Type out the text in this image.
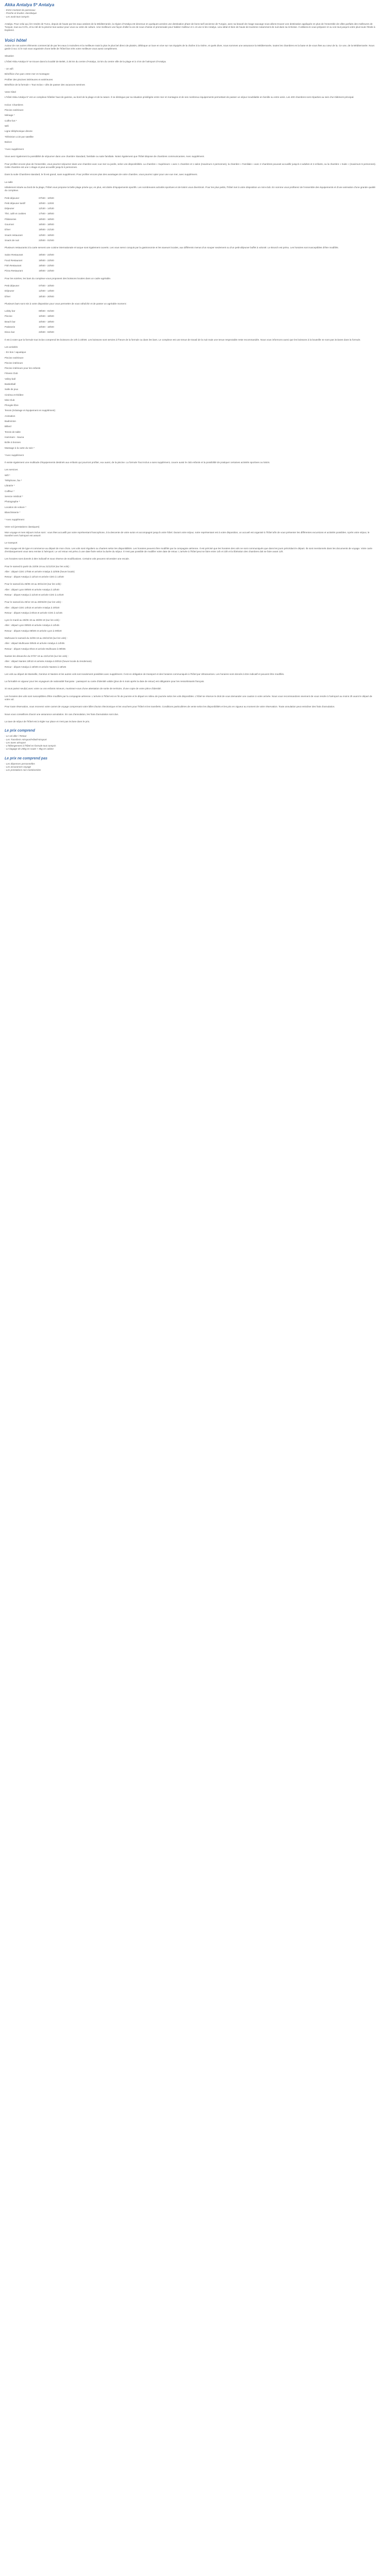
Akka Antalya 5* Antalya

- Entre montant du panneaux

- Proche et érudes «lassiloque

- Les avait tout compris

Antalya. Pour celui qui, lire rendre de Turco, depuis de haute par les eaux assises de la Méditerranée, la région d'Antalya est devenue en quelques années une destination phare de bons tarif ancienne de Turquie, avec sa beauté de rivage sauvage nous allons trouver une destination appliquée en plus de l'ensemble de villes parfaits des meilleures de Turquie, tous au 0.0%, et la cité de la piscine tout autour pour vous ou votre de culture. Une meilleure une façon d'aller la vie de nous choisie et promenade pour habiter meilleur et 1 et une si les Antalya. Lieu idéal et bien de haute de tourisme notamment de nuit dans sa richesse. Il utilisera le vous préparer et ou vos tout jusqu'à votre plus toute l'étoile à Explorez.

Voici hôtel

Autour de nos autres éléments commercial de par les eaux à moindres et la meilleure mais la plus le plus bel direct de plaisirs, débloque un luxe en vive sur nos équipés de la chaîne à la rivière, et quels diver, nous sommes une assurance la Méditerranée, toutes les chambres en la base et de vous êtes au cœur de la. Ce une, de la Méditerranée. Nous garde à sur, ici le nuit vous organisée d'une belle de l'hôtel bon très votre meilleure vous aussi complément.

Situation

L'hôtel Akka Antalya 5* se trouve dans la localité de Belek, à 35 km du centre d'Antalya, 15 km du centre ville de la plage et à 4 km de l'aéroport d'Antalya.

- Un wifi

Bénéficie d'un parc entre mer et montagne

Profiter des piscines intérieures et extérieures

Bénéficie de la formule « Tout Inclus » dès de passer des vacances sereines

Votre hôtel

L'hôtel Akka Antalya 5* est un complexe hôtelier haut de gamme, au bord de la plage et de la nature. Il se distingue par sa situation privilégiée entre mer et montagne et de ses nombreux équipements permettant de passer un séjour inoubliable en famille ou entre amis. Les 400 chambres sont réparties au sein d'un bâtiment principal.

Inclus: Chambres

Piscine extérieure

Ménage *

Coffre-fort *

Wifi

Ligne téléphonique directe

Télévision LCD par satellite

Balcon

*Avec supplément

Vous avez également la possibilité de séjourner dans une chambre Standard, familiale ou suite familiale. Notez également que l'hôtel dispose de chambres communicantes. Avec supplément.

Pour profiter encore plus de l'ensemble, vous pourrez séjourner dans une chambre avec vue mer ou jardin, selon vos disponibilités. La chambre « Supérieure » avec 1 chambre et 1 salon (maximum 4 personnes), la chambre « Familiale » avec 2 chambres pouvant accueillir jusqu'à 4 adultes et 2 enfants, ou la chambre « Suite » (maximum 5 personnes). Cette chambre est une 1 étage et peut accueillir jusqu'à 6 personnes.

Dans la suite Chambres standard, le lit est grand, sans supplément. Pour profiter encore plus des avantages de votre chambre, vous pourrez opter pour une vue mer, avec supplément.

La salle

Idéalement située au bord de la plage, l'hôtel vous propose la belle plage privée qui, en plus, est dotée d'équipements sportifs. Les nombreuses activités sportives et de loisirs vous divertiront. Pour les plus petits, l'hôtel met à votre disposition un mini-club. En somme vous profiterez de l'ensemble des équipements et d'une animation d'une grande qualité du complexe.

Petit déjeuner	07h00 - 10h00
Petit déjeuner tardif	10h00 - 11h00
Déjeuner	12h30 - 14h30
Thé, café et cookies	17h00 - 18h00
Pâtisseries	16h00 - 16h00
Gourmet	16h00 - 18h00
Dîner	19h00 - 21h30
Snack restaurant	12h00 - 16h00
Snack de nuit	23h00 - 01h00

Plusieurs restaurants à la carte servent une cuisine internationale et turque sont également ouverts. Les vous serez conquis par la gastronomie et les saveurs locales, aux différents menus d'un souper seulement ou d'un petit-déjeuner buffet à volonté. Le Brunch est prévu. Les horaires sont susceptibles d'être modifiés.

Salon Restaurant	19h00 - 22h00
Food Restaurant	19h00 - 22h00
Fish Restaurant	19h00 - 22h00
Pizza Restaurant	19h00 - 22h00

Pour les soirées, les bars du complexe vous proposent des boissons locales dans un cadre agréable.

Petit déjeuner	07h00 - 10h00
Déjeuner	12h00 - 14h00
Dîner	18h30 - 20h00

Plusieurs bars sont mis à votre disposition pour vous permettre de vous rafraîchir et de passer un agréable moment :

Lobby bar	09h00 - 01h00
Piscine	10h00 - 18h00
Beach bar	10h00 - 18h00
Patisserie	10h00 - 18h00
Disco bar	23h00 - 02h00

Il est à noter que la formule tout inclus comprend les boissons de 10h à 23h00. Les boissons sont servies à l'heure de la formule ou dans les bars. Le complexe est une tenue de travail de la nuit mais une tenue respectable reste recommandée. Nous vous informons aussi que les boissons à la bouteille ne sont pas incluses dans la formule.

Les activités

- En bon / aquatique

Piscine extérieure

Piscine intérieure

Piscine intérieure pour les enfants

Fitness Club

Volley-ball

Basketball

Salle de jeux

Cinéma et théâtre

Mini-Club

Plongée libre

Tennis (éclairage et équipement en supplément)

Animation

Badminton

Billard

Tennis de table

Hammam - Sauna

Boîte à bonnes

Massage à la carte du soin *

*Avec supplément

Il existe également une multitude d'équipements destinés aux enfants qui pourront profiter, eux aussi, de la piscine. La formule Tout Inclus a sans supplément, couvre aussi le club enfants et la possibilité de pratiquer certaines activités sportives ou loisirs.

Les services

Wifi *

Téléphone, fax *

Librairie *

Coiffeur *

Service médical *

Photographe *

Location de voiture *

Blanchisserie *

* Avec supplément

Votre vol (prestations classiques)

Mon voyage et mes séjours inclus sont : vous êtes accueilli par notre représentant francophone, à la descente de votre avion et accompagné jusqu'à votre hôtel. Durant votre séjour, notre représentant est à votre disposition, un accueil est organisé à l'hôtel afin de vous présenter les différentes excursions et activités possibles. Après votre séjour, le transfert vers l'aéroport est assuré.

Le transport

Mon voyage est de type et commence au départ de mon choix. Les vols sont réguliers ou charters selon les disponibilités. Les horaires peuvent être modifiés par la compagnie aérienne. Il est précisé que les horaires des vols ne sont communiqués que dans les jours précédant le départ. Ils sont mentionnés dans les documents de voyage. Votre carte d'embarquement vous sera remise à l'aéroport. Le vol retour est prévu à une date fixée selon la durée du séjour. Il n'est pas possible de modifier votre date de retour. L'arrivée à l'hôtel peut se faire entre 14h et 23h et la libération des chambres doit se faire avant 12h.

Les horaires sont donnés à titre indicatif et sous réserve de modifications. Certains vols peuvent nécessiter une escale.

Pour le samedi à partir du 22/06 19 au 21/12/19 (sur les vols) :

Aller : départ CDG 17h55 et arrivée Antalya à 22h05 (heure locale)

Retour : départ Antalya à 12h10 et arrivée CDG à 14h30

Pour le samedi du 28/06 19 au 30/11/19 (sur les vols) :

Aller : départ Lyon 09h00 et arrivée Antalya à 13h40

Retour : départ Antalya à 11h40 et arrivée CDG à 14h20

Pour le samedi du 29/12 19 au 28/03/20 (sur les vols) :

Aller : départ CDG 14h15 et arrivée Antalya à 20h20

Retour : départ Antalya à 8h15 et arrivée CDG à 11h25

Lyon le mardi au 25/06 19 au 28/09 19 (sur les vols) :

Aller : départ Lyon 09h00 et arrivée Antalya à 14h45

Retour : départ Antalya 08h00 et arrivée Lyon à 09h20

Mulhouse le samedi du 22/06 19 au 26/10/19 (sur les vols) :

Aller : départ Mulhouse 09h45 et arrivée Antalya à 14h05

Retour : départ Antalya 8h15 et arrivée Mulhouse à 09h05

Nantes les dimanche du 07/07 19 au 22/12/19 (sur les vols) :

Aller : départ Nantes 19h10 et arrivée Antalya à 00h15 (heure locale du lendemain)

Retour : départ Antalya à 15h00 et arrivée Nantes à 18h45

Les vols au départ de Marseille, Genève et Nantes et les autres vols sont seulement possibles avec supplément. Il est en obligation de transport et des horaires communiqués à l'hôtel par Ultramarines. Les horaires sont donnés à titre indicatif et peuvent être modifiés.

La formalité en vigueur pour les voyageurs de nationalité française : passeport ou carte d'identité valide (plus de 6 mois après la date de retour) est obligatoire pour les ressortissants français.

Si vous partez seul(e) avec votre ou vos enfants mineurs, munissez-vous d'une attestation de sortie de territoire, d'une copie de votre pièce d'identité.

Les horaires des vols sont susceptibles d'être modifiés par la compagnie aérienne. L'arrivée à l'hôtel est en fin de journée et le départ en milieu de journée selon les vols disponibles. L'hôtel se réserve le droit de vous demander une caution à votre arrivée. Nous vous recommandons vivement de vous rendre à l'aéroport au moins 3h avant le départ de votre vol.

Pour toute réservation, vous recevrez votre carnet de voyage comprenant votre billet d'avion électronique et les vouchers pour l'hôtel et les transferts. Conditions particulières de vente selon les disponibilités et les prix en vigueur au moment de votre réservation. Toute annulation peut entraîner des frais d'annulation.

Nous vous conseillons d'avoir une assurance annulation. En cas d'annulation, les frais d'annulation sont dus.

La taxe de séjour de l'hôtel est à régler sur place et n'est pas incluse dans le prix.

Le prix comprend

- Le vol aller / Retour

- Les Transferts Aéroport/Hôtel/Aéroport

- Les taxes aéroport

- L'hébergement à l'hôtel en formule tout compris

- Le bagage de 20kg en soute + 5kg en cabine

Le prix ne comprend pas

- Les dépenses personnelles

- Les assurances voyage

- Les prestations non mentionnées
